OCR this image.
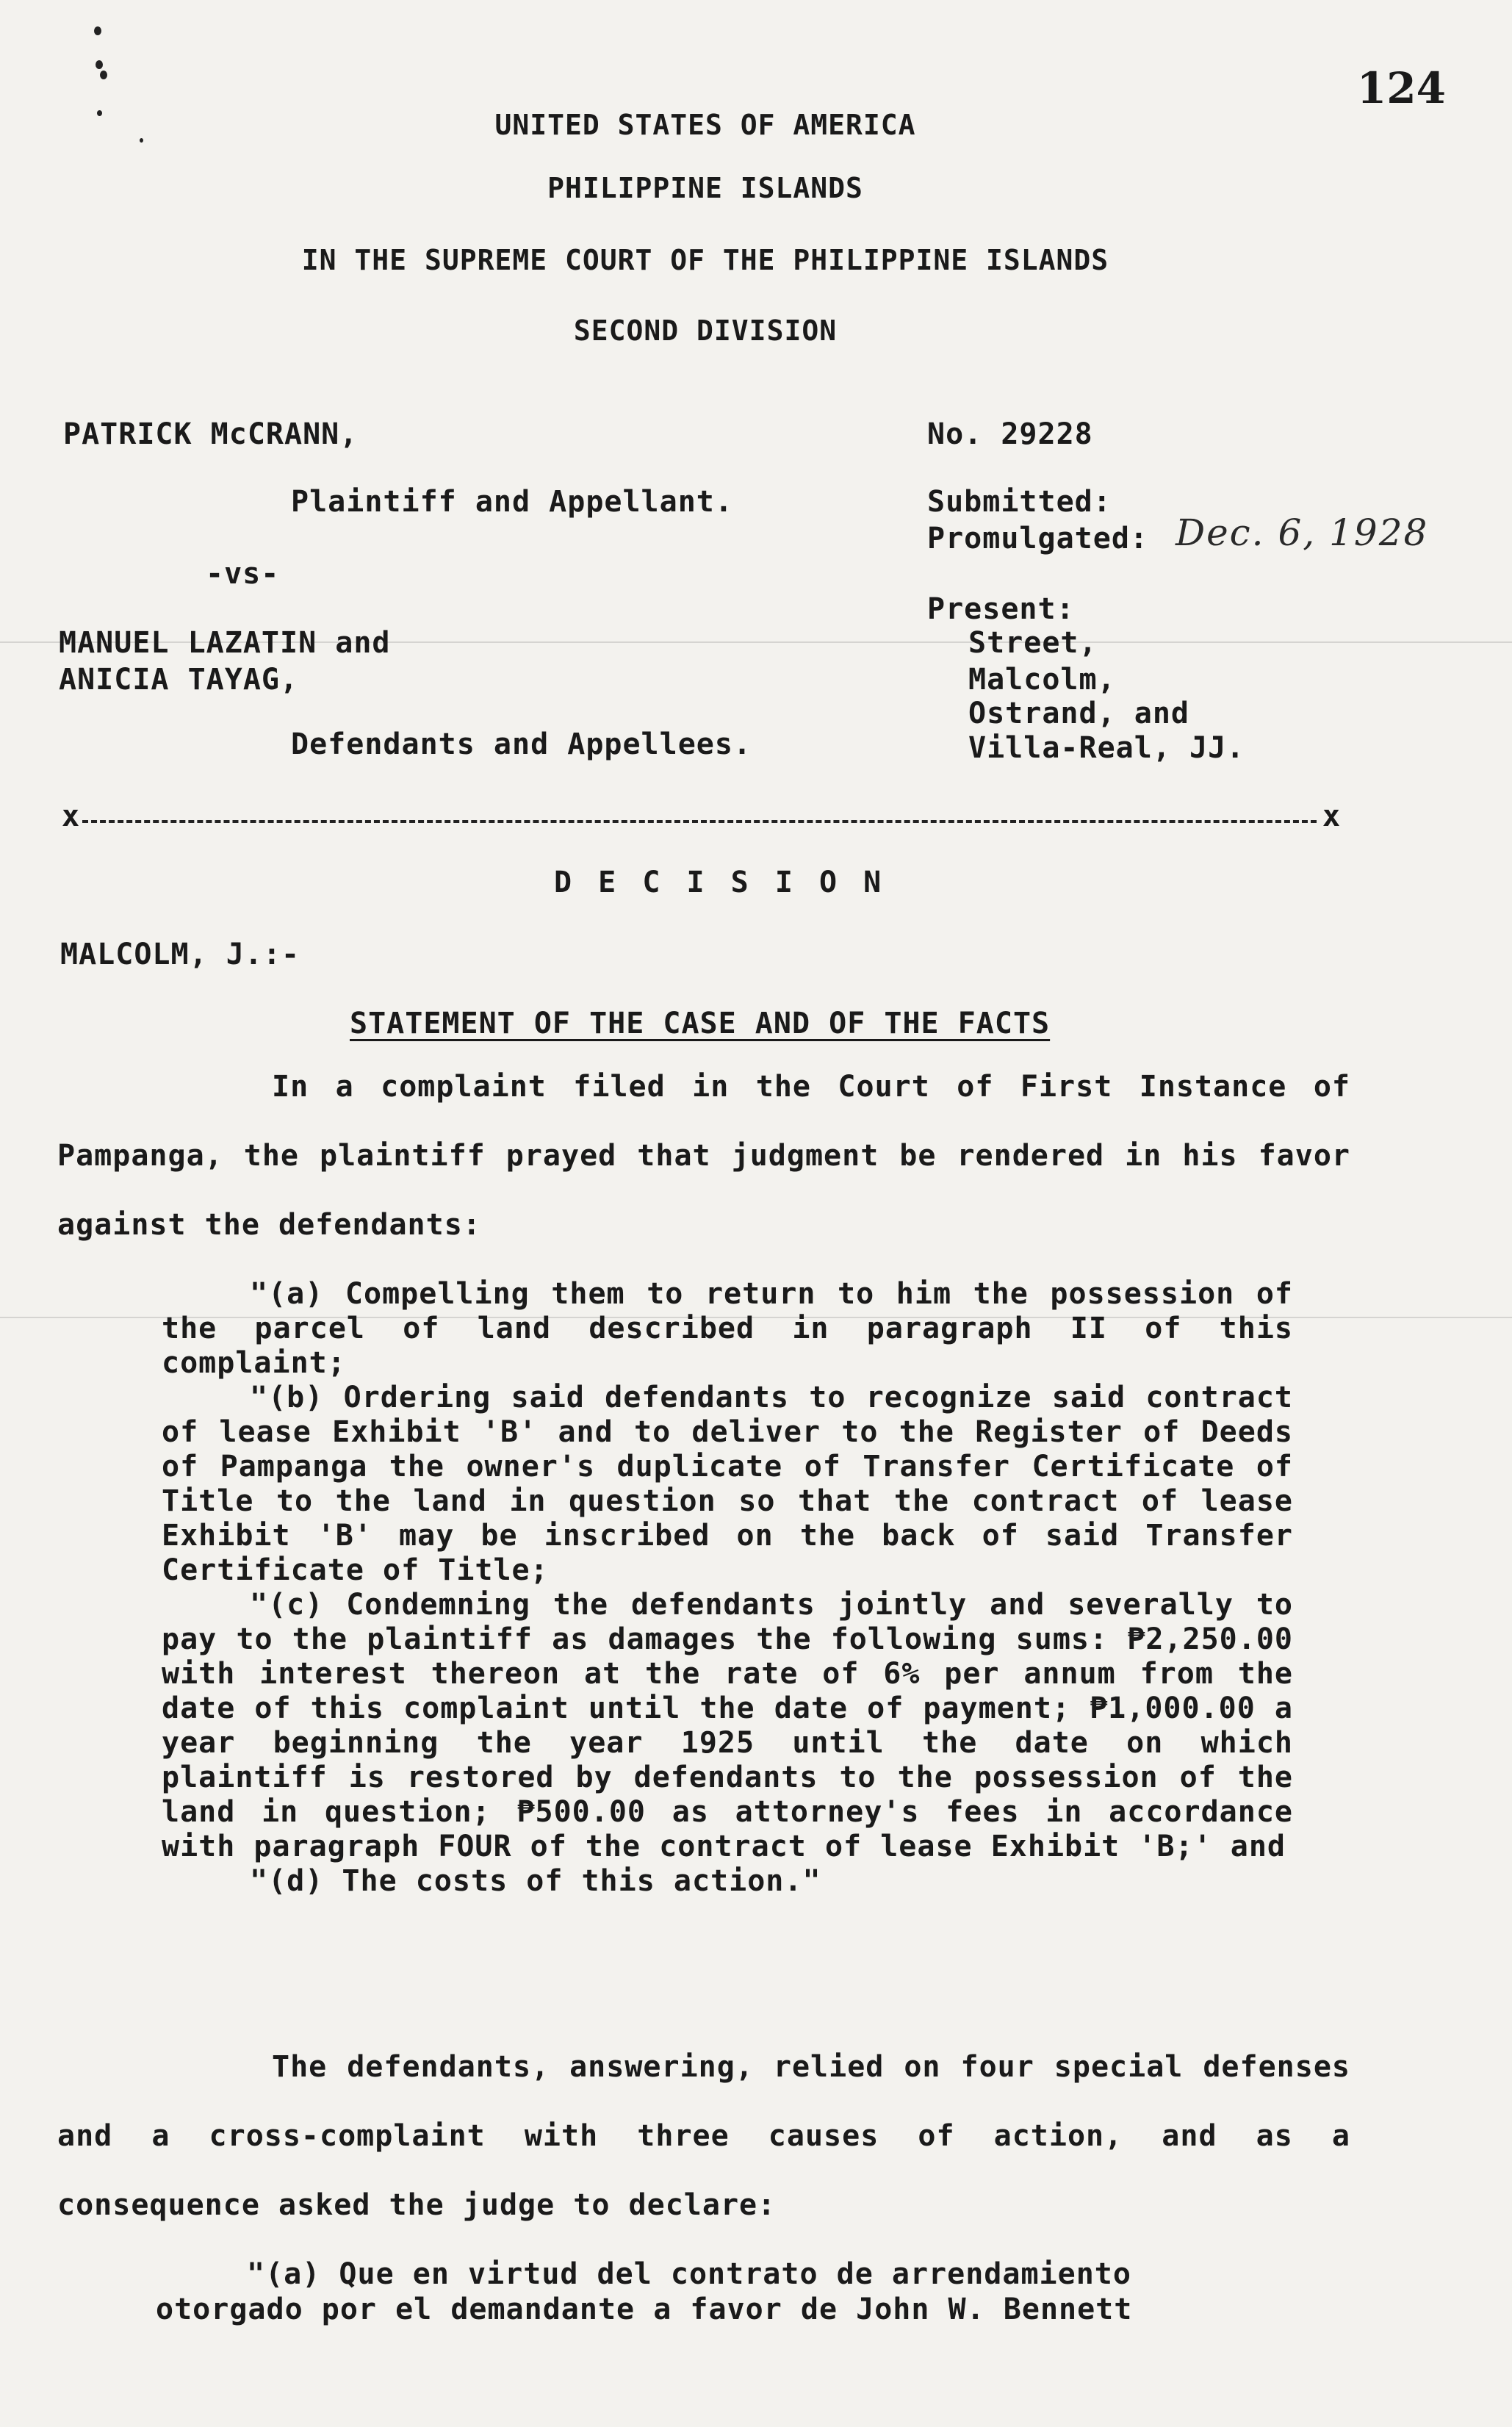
124
UNITED STATES OF AMERICA
PHILIPPINE ISLANDS
IN THE SUPREME COURT OF THE PHILIPPINE ISLANDS
SECOND DIVISION
PATRICK McCRANN,
Plaintiff and Appellant.
-vs-
MANUEL LAZATIN and
ANICIA TAYAG,
Defendants and Appellees.
No. 29228
Submitted:
Promulgated: Dec. 6, 1928
Present:
Street,
Malcolm,
Ostrand, and
Villa-Real, JJ.
x	x
D E C I S I O N
MALCOLM, J.:-
STATEMENT OF THE CASE AND OF THE FACTS
In a complaint filed in the Court of First Instance of Pampanga, the plaintiff prayed that judgment be rendered in his favor against the defendants:

"(a) Compelling them to return to him the possession of the parcel of land described in paragraph II of this complaint;

"(b) Ordering said defendants to recognize said contract of lease Exhibit 'B' and to deliver to the Register of Deeds of Pampanga the owner's duplicate of Transfer Certificate of Title to the land in question so that the contract of lease Exhibit 'B' may be inscribed on the back of said Transfer Certificate of Title;

"(c) Condemning the defendants jointly and severally to pay to the plaintiff as damages the following sums: ₱2,250.00 with interest thereon at the rate of 6% per annum from the date of this complaint until the date of payment; ₱1,000.00 a year beginning the year 1925 until the date on which plaintiff is restored by defendants to the possession of the land in question; ₱500.00 as attorney's fees in accordance with paragraph FOUR of the contract of lease Exhibit 'B;' and

"(d) The costs of this action."

The defendants, answering, relied on four special defenses and a cross-complaint with three causes of action, and as a consequence asked the judge to declare:
"(a) Que en virtud del contrato de arrendamiento
otorgado por el demandante a favor de John W. Bennett
